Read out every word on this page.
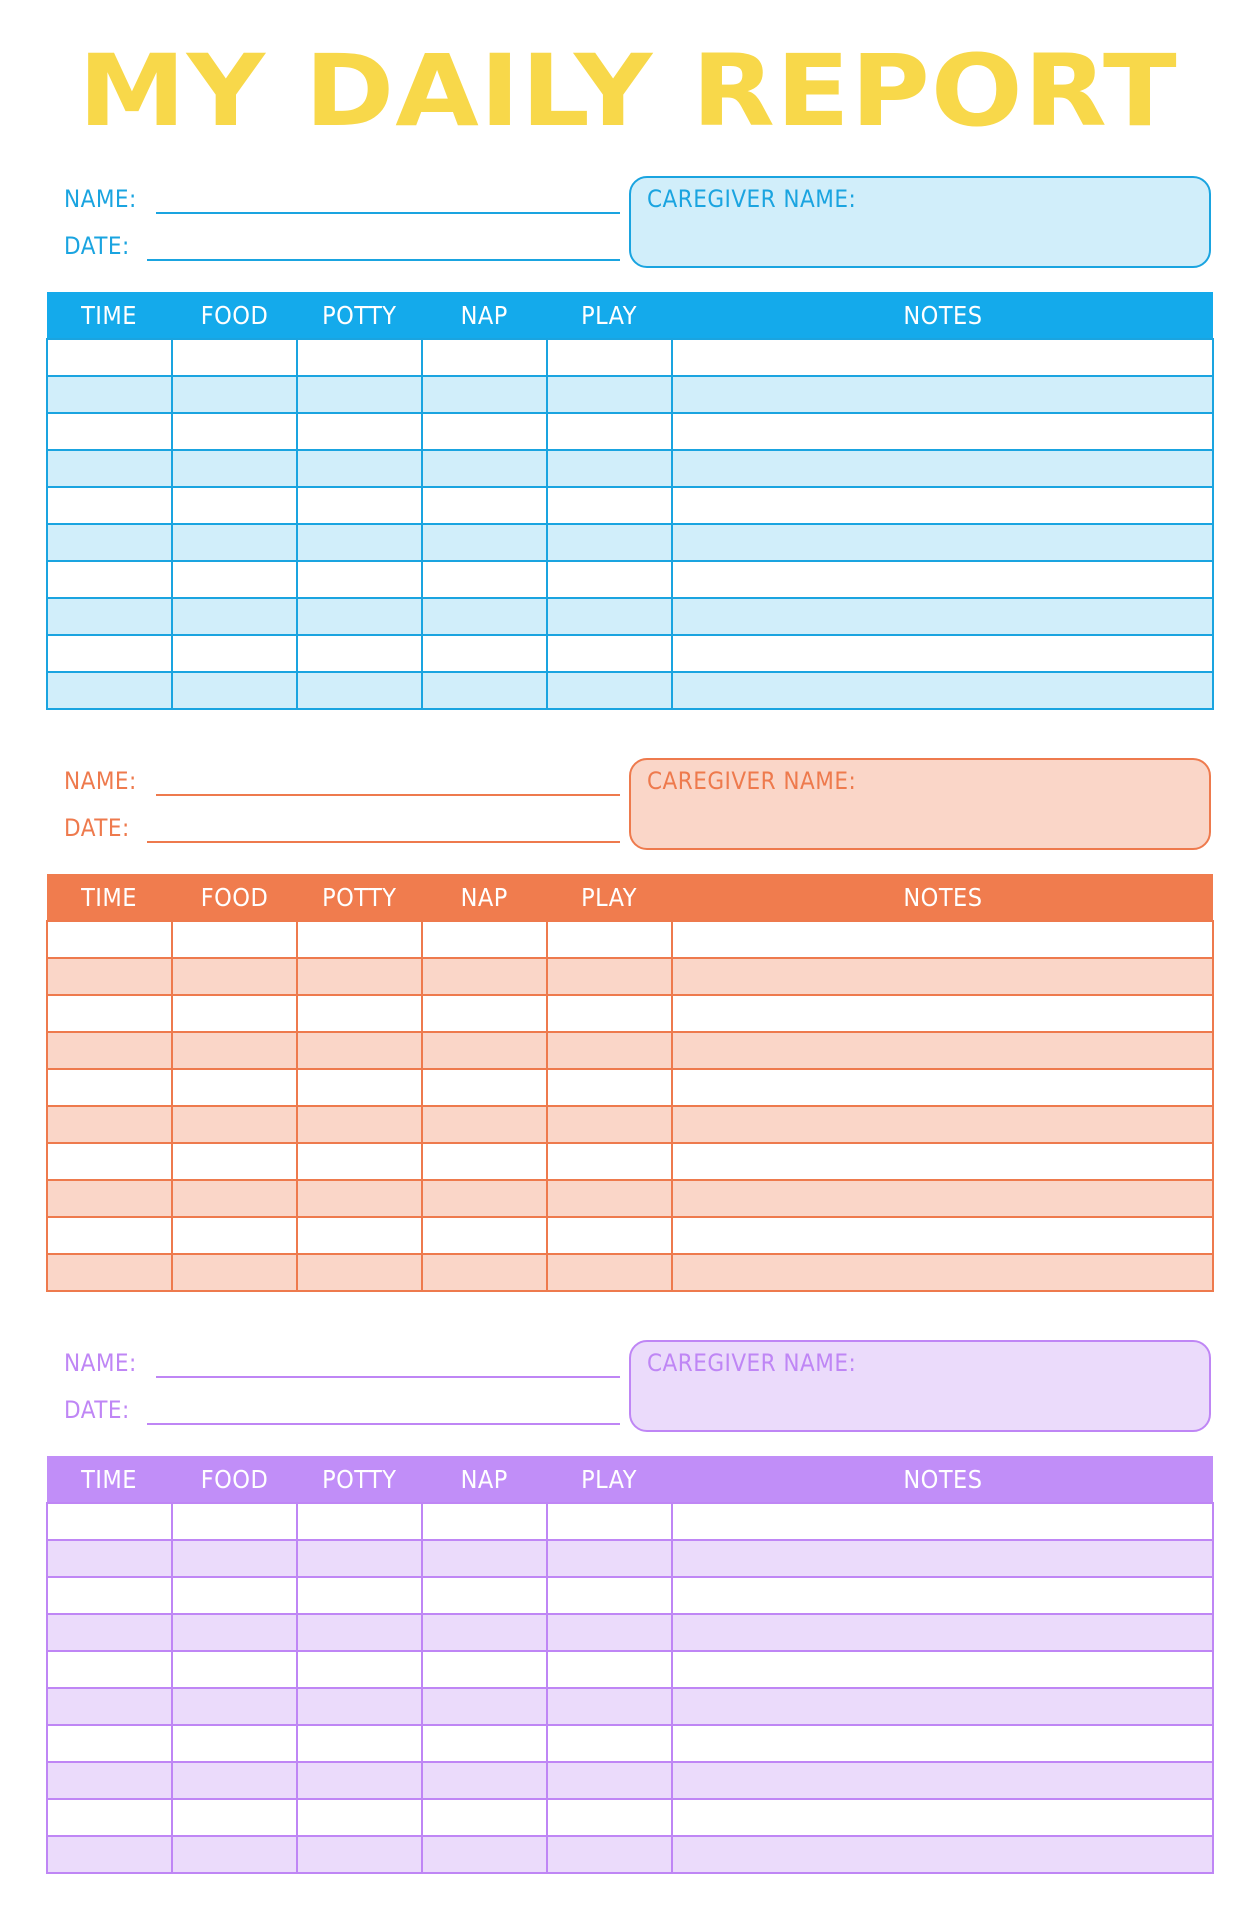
MY DAILY REPORT
NAME:
DATE:
CAREGIVER NAME:
TIME	FOOD	POTTY	NAP	PLAY	NOTES

NAME:
DATE:
CAREGIVER NAME:
TIME	FOOD	POTTY	NAP	PLAY	NOTES

NAME:
DATE:
CAREGIVER NAME:
TIME	FOOD	POTTY	NAP	PLAY	NOTES
